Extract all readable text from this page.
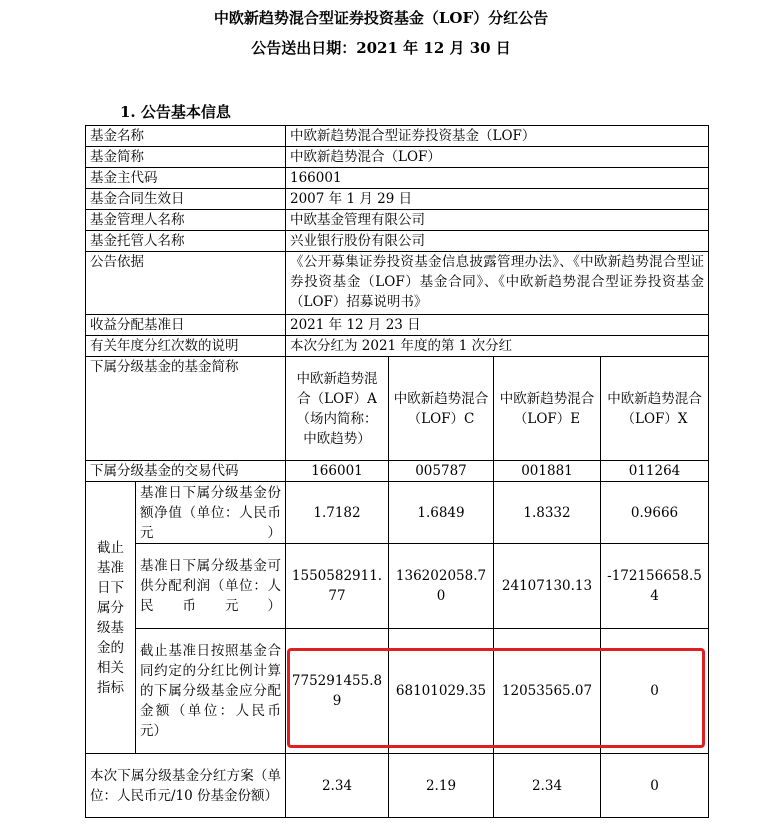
中欧新趋势混合型证券投资基金（LOF）分红公告
公告送出日期：2021 年 12 月 30 日
1. 公告基本信息
基金名称		中欧新趋势混合型证券投资基金（LOF）			
基金简称		中欧新趋势混合（LOF）			
基金主代码		166001			
基金合同生效日		2007 年 1 月 29 日			
基金管理人名称		中欧基金管理有限公司			
基金托管人名称		兴业银行股份有限公司			
公告依据		《公开募集证券投资基金信息披露管理办法》、《中欧新趋势混合型证券投资基金（LOF）基金合同》、《中欧新趋势混合型证券投资基金（LOF）招募说明书》			
收益分配基准日		2021 年 12 月 23 日			
有关年度分红次数的说明		本次分红为 2021 年度的第 1 次分红			
下属分级基金的基金简称		中欧新趋势混合（LOF）A（场内简称：中欧趋势）	中欧新趋势混合（LOF）C	中欧新趋势混合（LOF）E	中欧新趋势混合（LOF）X
下属分级基金的交易代码		166001	005787	001881	011264
截止基准日下属分级基金的相关指标	基准日下属分级基金份额净值（单位：人民币元）	1.7182	1.6849	1.8332	0.9666
	基准日下属分级基金可供分配利润（单位：人民币元）	1550582911.77	136202058.70	24107130.13	-172156658.54
	截止基准日按照基金合同约定的分红比例计算的下属分级基金应分配金额（单位：人民币元）	775291455.89	68101029.35	12053565.07	0
本次下属分级基金分红方案（单位：人民币元/10 份基金份额）		2.34	2.19	2.34	0
